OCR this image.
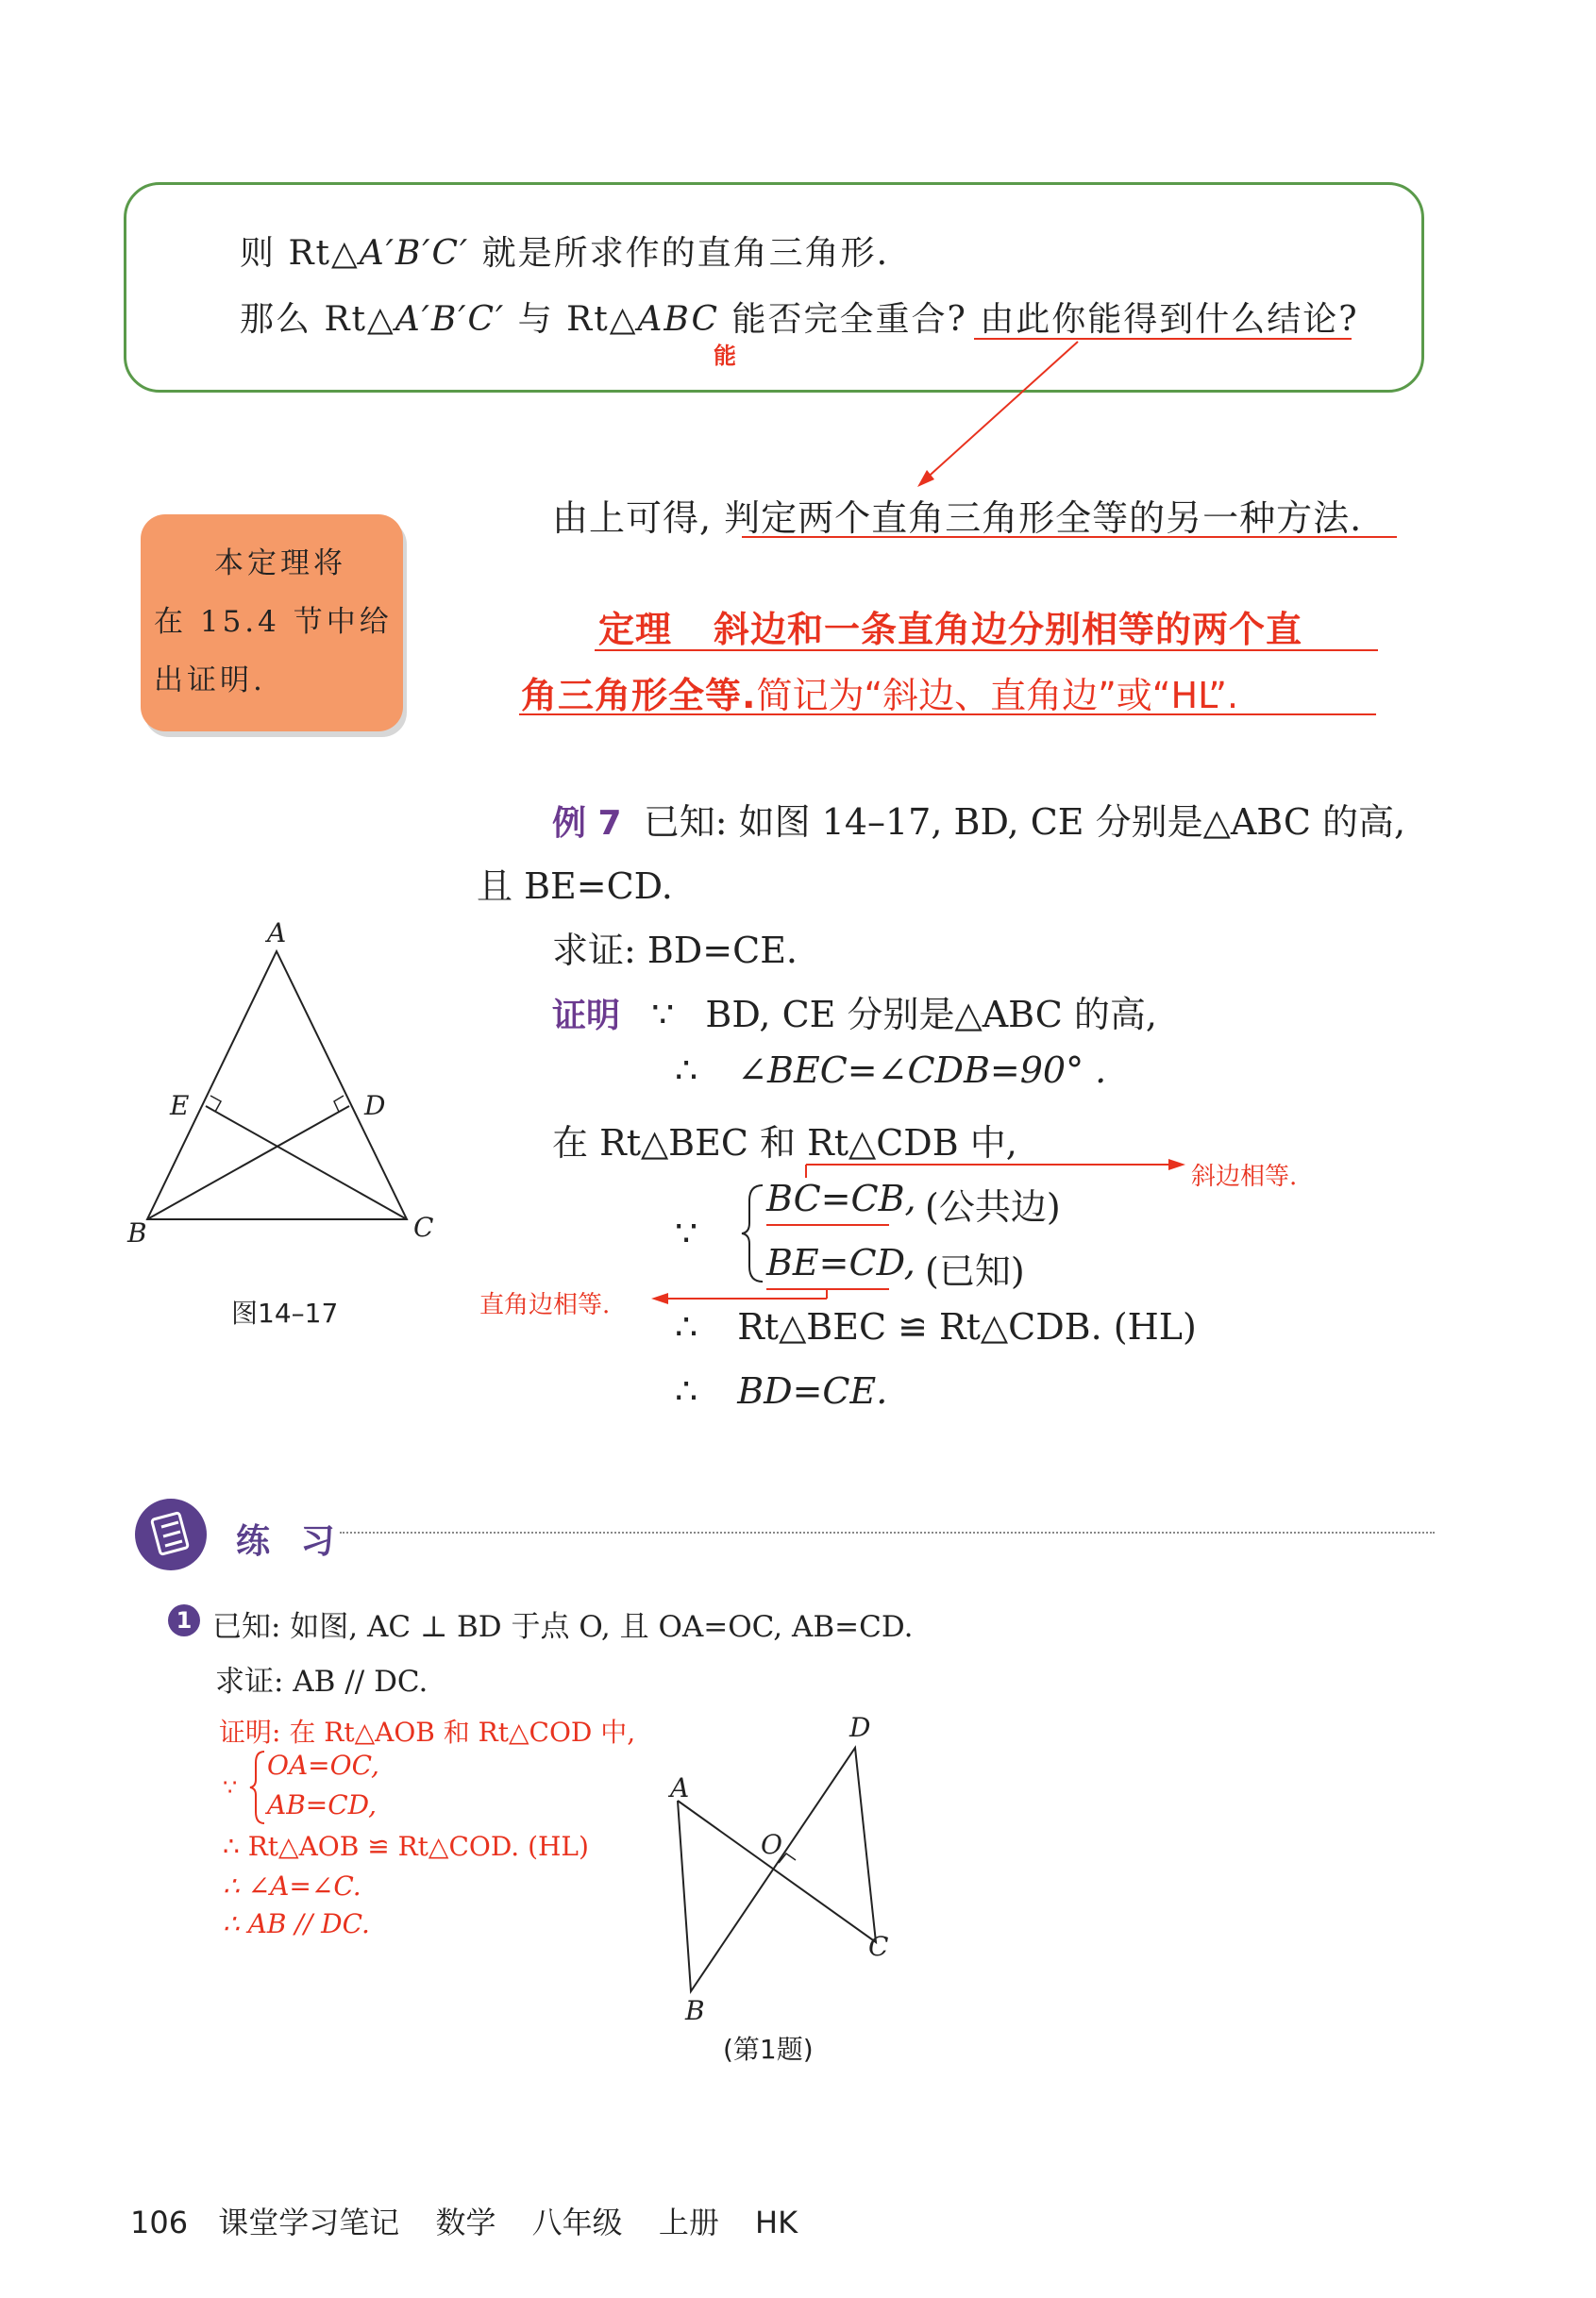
则 Rt△A′B′C′ 就是所求作的直角三角形.
那么 Rt△A′B′C′ 与 Rt△ABC 能否完全重合? 由此你能得到什么结论?
能
本定理将
在 15.4 节中给
出证明.
由上可得, 判定两个直角三角形全等的另一种方法.
定理 斜边和一条直角边分别相等的两个直
角三角形全等.简记为“斜边、直角边”或“HL”.
例 7 已知: 如图 14–17, BD, CE 分别是△ABC 的高,
且 BE=CD.
求证: BD=CE.
证明 ∵ BD, CE 分别是△ABC 的高,
∴ ∠BEC=∠CDB=90° .
在 Rt△BEC 和 Rt△CDB 中,
∵
BC=CB, (公共边)
BE=CD, (已知)
斜边相等.
直角边相等.
∴ Rt△BEC ≌ Rt△CDB. (HL)
∴ BD=CE.
A
E	D
B	C
图14–17
练 习
1 已知: 如图, AC ⊥ BD 于点 O, 且 OA=OC, AB=CD.
求证: AB // DC.
证明: 在 Rt△AOB 和 Rt△COD 中,
∵
OA=OC,
AB=CD,
∴ Rt△AOB ≌ Rt△COD. (HL)
∴ ∠A=∠C.
∴ AB // DC.
D
A
O
C
B
(第1题)
106 课堂学习笔记 数学 八年级 上册 HK
